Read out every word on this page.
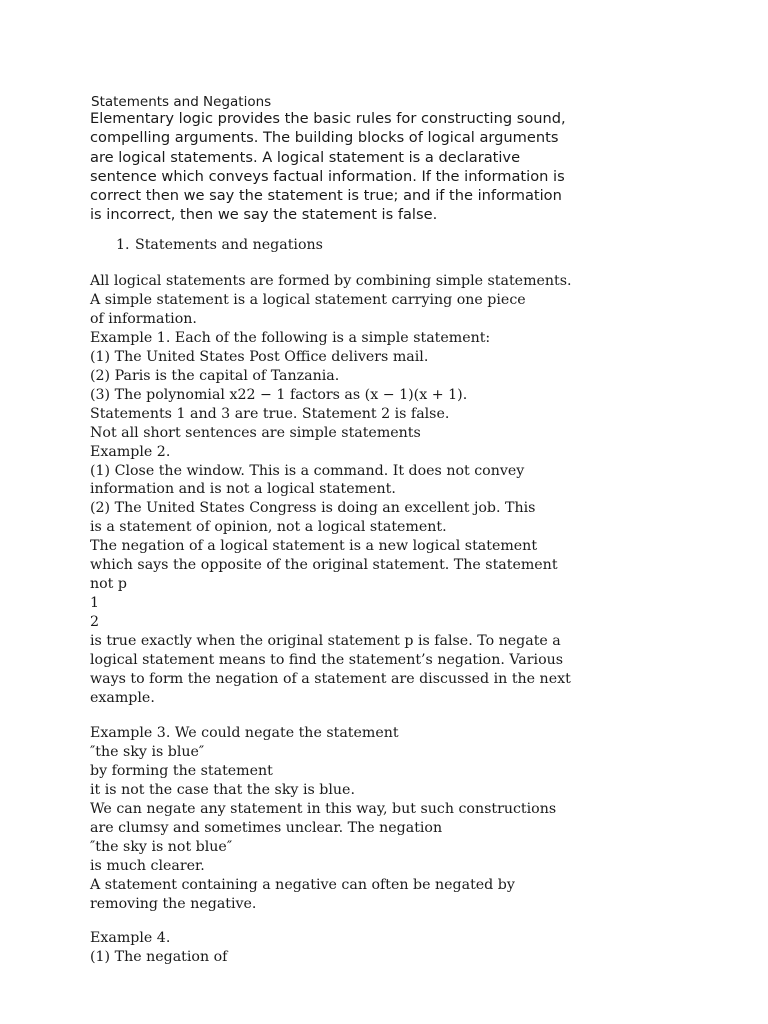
Statements and Negations
Elementary logic provides the basic rules for constructing sound,
compelling arguments. The building blocks of logical arguments
are logical statements. A logical statement is a declarative
sentence which conveys factual information. If the information is
correct then we say the statement is true; and if the information
is incorrect, then we say the statement is false.
1. Statements and negations
All logical statements are formed by combining simple statements.
A simple statement is a logical statement carrying one piece
of information.
Example 1. Each of the following is a simple statement:
(1) The United States Post Office delivers mail.
(2) Paris is the capital of Tanzania.
(3) The polynomial x22 − 1 factors as (x − 1)(x + 1).
Statements 1 and 3 are true. Statement 2 is false.
Not all short sentences are simple statements
Example 2.
(1) Close the window. This is a command. It does not convey
information and is not a logical statement.
(2) The United States Congress is doing an excellent job. This
is a statement of opinion, not a logical statement.
The negation of a logical statement is a new logical statement
which says the opposite of the original statement. The statement
not p
1
2
is true exactly when the original statement p is false. To negate a
logical statement means to find the statement’s negation. Various
ways to form the negation of a statement are discussed in the next
example.
Example 3. We could negate the statement
″the sky is blue″
by forming the statement
it is not the case that the sky is blue.
We can negate any statement in this way, but such constructions
are clumsy and sometimes unclear. The negation
″the sky is not blue″
is much clearer.
A statement containing a negative can often be negated by
removing the negative.
Example 4.
(1) The negation of
